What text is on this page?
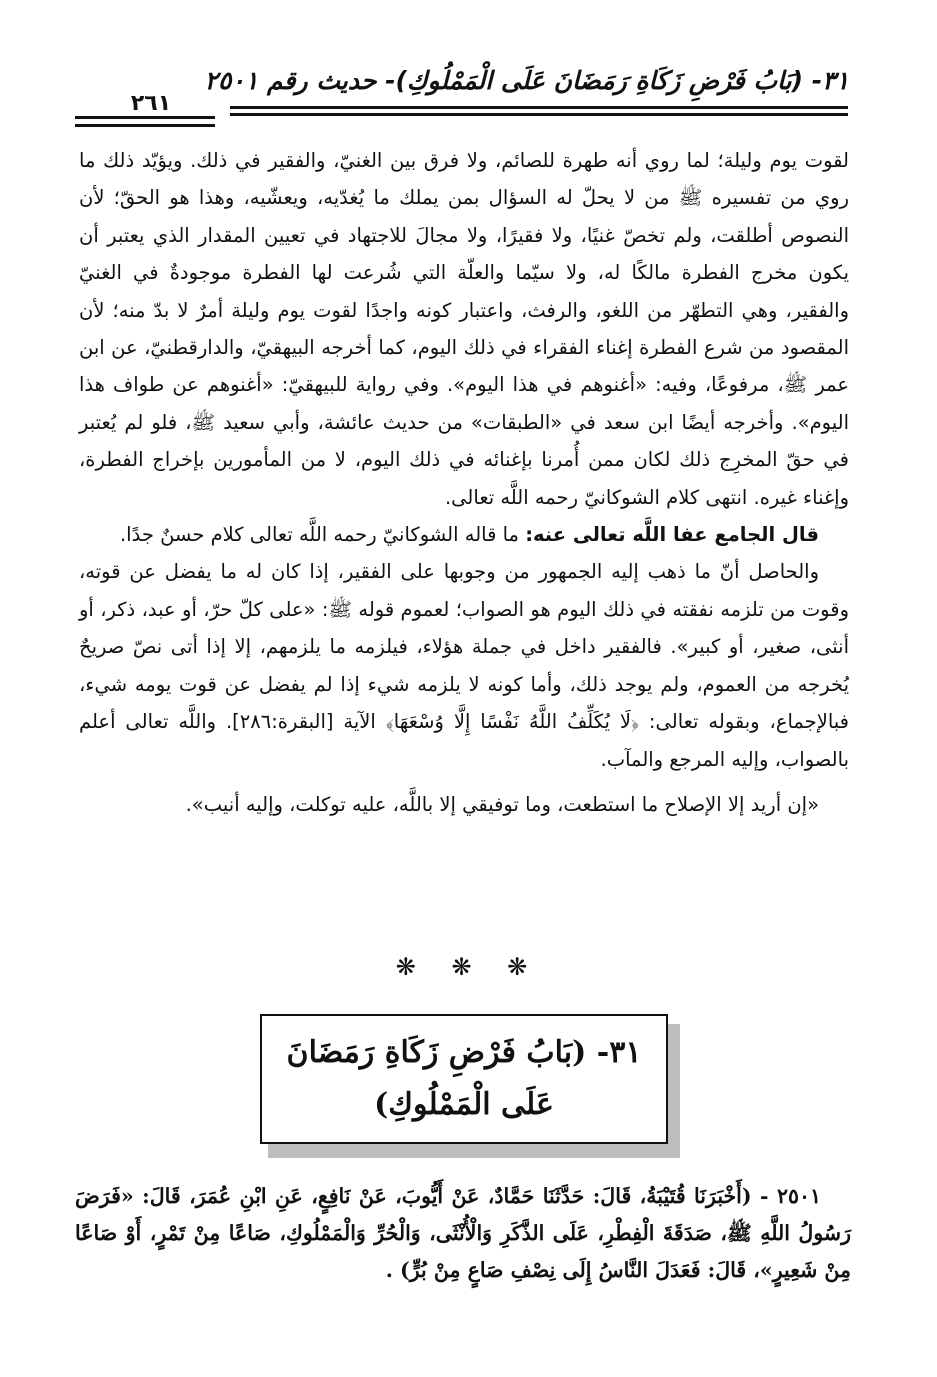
٣١- (بَابُ فَرْضِ زَكَاةِ رَمَضَانَ عَلَى الْمَمْلُوكِ)- حديث رقم ٢٥٠١
٢٦١

لقوت يوم وليلة؛ لما روي أنه طهرة للصائم، ولا فرق بين الغنيّ، والفقير في ذلك. ويؤيّد ذلك ما روي من تفسيره ﷺ من لا يحلّ له السؤال بمن يملك ما يُغدّيه، ويعشّيه، وهذا هو الحقّ؛ لأن النصوص أطلقت، ولم تخصّ غنيًا، ولا فقيرًا، ولا مجالَ للاجتهاد في تعيين المقدار الذي يعتبر أن يكون مخرج الفطرة مالكًا له، ولا سيّما والعلّة التي شُرعت لها الفطرة موجودةٌ في الغنيّ والفقير، وهي التطهّر من اللغو، والرفث، واعتبار كونه واجدًا لقوت يوم وليلة أمرٌ لا بدّ منه؛ لأن المقصود من شرع الفطرة إغناء الفقراء في ذلك اليوم، كما أخرجه البيهقيّ، والدارقطنيّ، عن ابن عمر ﷺ، مرفوعًا، وفيه: «أغنوهم في هذا اليوم». وفي رواية للبيهقيّ: «أغنوهم عن طواف هذا اليوم». وأخرجه أيضًا ابن سعد في «الطبقات» من حديث عائشة، وأبي سعيد ﷺ، فلو لم يُعتبر في حقّ المخرِج ذلك لكان ممن أُمرنا بإغنائه في ذلك اليوم، لا من المأمورين بإخراج الفطرة، وإغناء غيره. انتهى كلام الشوكانيّ رحمه اللَّه تعالى.

قال الجامع عفا اللَّه تعالى عنه: ما قاله الشوكانيّ رحمه اللَّه تعالى كلام حسنٌ جدًا.

والحاصل أنّ ما ذهب إليه الجمهور من وجوبها على الفقير، إذا كان له ما يفضل عن قوته، وقوت من تلزمه نفقته في ذلك اليوم هو الصواب؛ لعموم قوله ﷺ: «على كلّ حرّ، أو عبد، ذكر، أو أنثى، صغير، أو كبير». فالفقير داخل في جملة هؤلاء، فيلزمه ما يلزمهم، إلا إذا أتى نصّ صريحٌ يُخرجه من العموم، ولم يوجد ذلك، وأما كونه لا يلزمه شيء إذا لم يفضل عن قوت يومه شيء، فبالإجماع، وبقوله تعالى: ﴿لَا يُكَلِّفُ اللَّهُ نَفْسًا إِلَّا وُسْعَهَا﴾ الآية [البقرة:٢٨٦]. واللَّه تعالى أعلم بالصواب، وإليه المرجع والمآب.

«إن أريد إلا الإصلاح ما استطعت، وما توفيقي إلا باللَّه، عليه توكلت، وإليه أنيب».

❋ ❋ ❋
٣١- (بَابُ فَرْضِ زَكَاةِ رَمَضَانَ عَلَى الْمَمْلُوكِ)

٢٥٠١ - (أَخْبَرَنَا قُتَيْبَةُ، قَالَ: حَدَّثَنَا حَمَّادٌ، عَنْ أَيُّوبَ، عَنْ نَافِعٍ، عَنِ ابْنِ عُمَرَ، قَالَ: «فَرَضَ رَسُولُ اللَّهِ ﷺ، صَدَقَةَ الْفِطْرِ، عَلَى الذَّكَرِ وَالْأُنْثَى، وَالْحُرِّ وَالْمَمْلُوكِ، صَاعًا مِنْ تَمْرٍ، أَوْ صَاعًا مِنْ شَعِيرٍ»، قَالَ: فَعَدَلَ النَّاسُ إِلَى نِصْفِ صَاعٍ مِنْ بُرٍّ) .
